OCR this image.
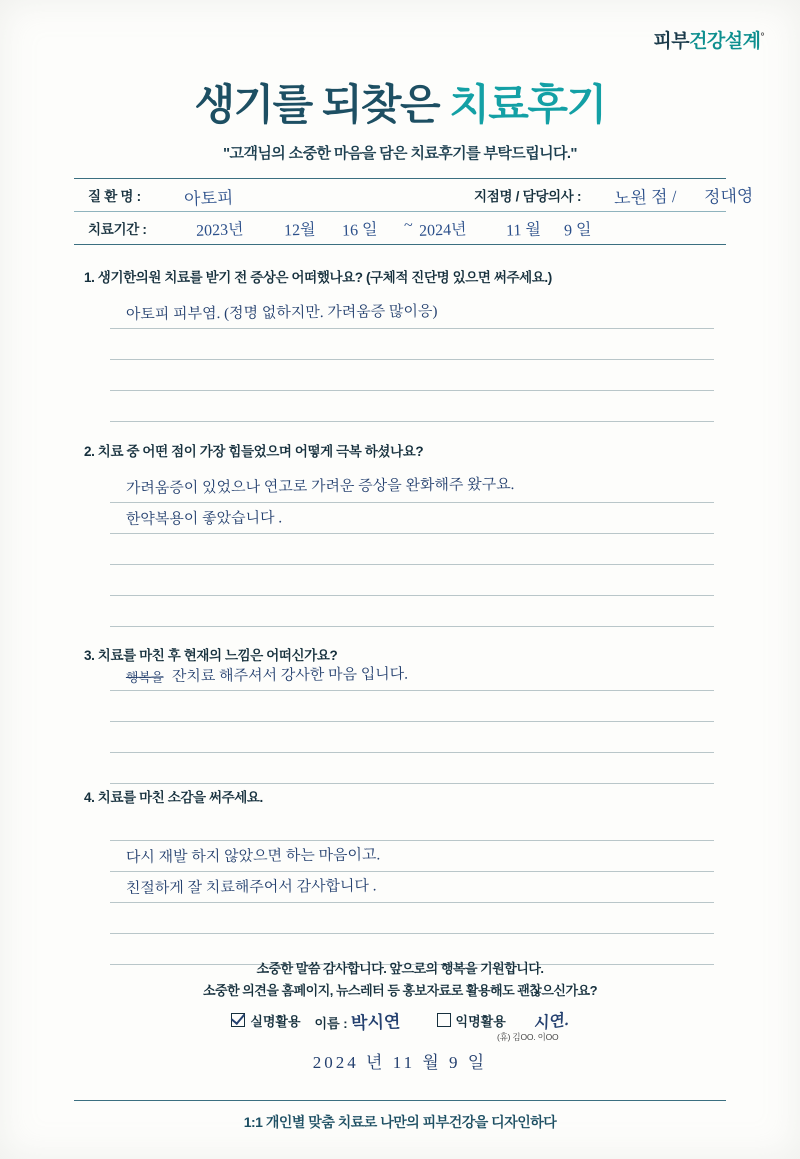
피부건강설계°
생기를 되찾은 치료후기
"고객님의 소중한 마음을 담은 치료후기를 부탁드립니다."
질 환 명 :	아토피	지점명 / 담당의사 : 노원 점 / 정대영
치료기간 :	2023년 12월 16 일 ~ 2024년 11 월 9 일
1. 생기한의원 치료를 받기 전 증상은 어떠했나요? (구체적 진단명 있으면 써주세요.)
아토피 피부염. (정명 없하지만. 가려움증 많이응)
2. 치료 중 어떤 점이 가장 힘들었으며 어떻게 극복 하셨나요?
가려움증이 있었으나 연고로 가려운 증상을 완화해주 왔구요.
한약복용이 좋았습니다 .
3. 치료를 마친 후 현재의 느낌은 어떠신가요?
행복을 잔치료 해주셔서 강사한 마음 입니다.
4. 치료를 마친 소감을 써주세요.
다시 재발 하지 않았으면 하는 마음이고.
친절하게 잘 치료해주어서 감사합니다 .
소중한 말씀 감사합니다. 앞으로의 행복을 기원합니다.
소중한 의견을 홈페이지, 뉴스레터 등 홍보자료로 활용해도 괜찮으신가요?
실명활용 이름 : 박시연	익명활용 시연.
(휴) 김OO. 이OO
2024 년 11 월 9 일
1:1 개인별 맞춤 치료로 나만의 피부건강을 디자인하다
